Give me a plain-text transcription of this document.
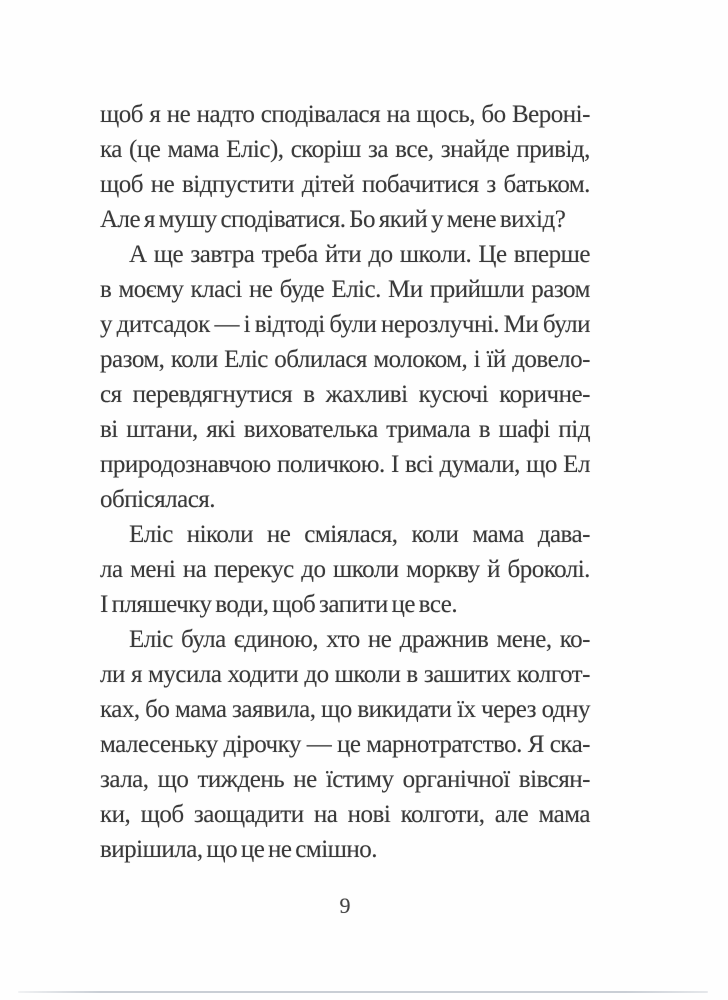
щоб я не надто сподівалася на щось, бо Вероні-
ка (це мама Еліс), скоріш за все, знайде привід,
щоб не відпустити дітей побачитися з батьком.
Але я мушу сподіватися. Бо який у мене вихід?
А ще завтра треба йти до школи. Це вперше
в моєму класі не буде Еліс. Ми прийшли разом
у дитсадок — і відтоді були нерозлучні. Ми були
разом, коли Еліс облилася молоком, і їй довело-
ся перевдягнутися в жахливі кусючі коричне-
ві штани, які вихователька тримала в шафі під
природознавчою поличкою. І всі думали, що Ел
обпісялася.
Еліс ніколи не сміялася, коли мама дава-
ла мені на перекус до школи моркву й броколі.
І пляшечку води, щоб запити це все.
Еліс була єдиною, хто не дражнив мене, ко-
ли я мусила ходити до школи в зашитих колгот-
ках, бо мама заявила, що викидати їх через одну
малесеньку дірочку — це марнотратство. Я ска-
зала, що тиждень не їстиму органічної вівсян-
ки, щоб заощадити на нові колготи, але мама
вирішила, що це не смішно.
9
